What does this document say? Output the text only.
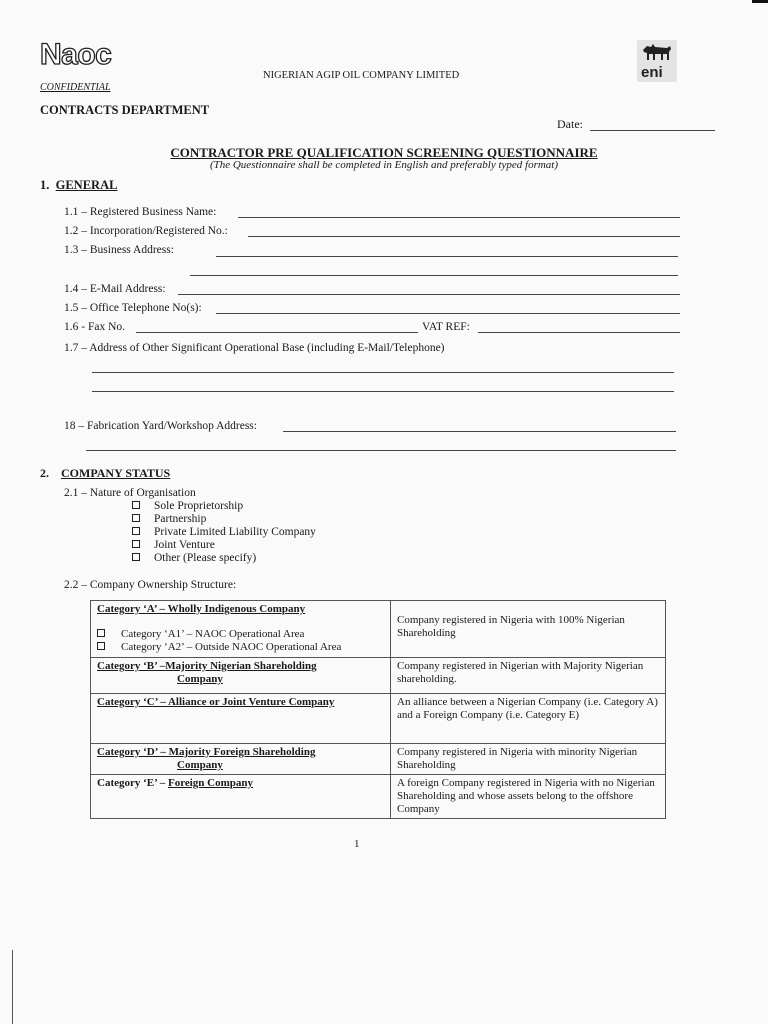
Naoc
CONFIDENTIAL
NIGERIAN AGIP OIL COMPANY LIMITED	eni
CONTRACTS DEPARTMENT
Date:
CONTRACTOR PRE QUALIFICATION SCREENING QUESTIONNAIRE
(The Questionnaire shall be completed in English and preferably typed format)
1. GENERAL
1.1 – Registered Business Name:
1.2 – Incorporation/Registered No.:
1.3 – Business Address:
1.4 – E-Mail Address:
1.5 – Office Telephone No(s):
1.6 - Fax No.	VAT REF:
1.7 – Address of Other Significant Operational Base (including E-Mail/Telephone)
18 – Fabrication Yard/Workshop Address:
2. COMPANY STATUS
2.1 – Nature of Organisation
Sole Proprietorship
Partnership
Private Limited Liability Company
Joint Venture
Other (Please specify)
2.2 – Company Ownership Structure:
Category ‘A’ – Wholly Indigenous Company
Category ‘A1’ – NAOC Operational Area
Category ‘A2’ – Outside NAOC Operational Area	Company registered in Nigeria with 100% Nigerian Shareholding

Category ‘B’ –Majority Nigerian Shareholding
Company	Company registered in Nigerian with Majority Nigerian shareholding.

Category ‘C’ – Alliance or Joint Venture Company	An alliance between a Nigerian Company (i.e. Category A) and a Foreign Company (i.e. Category E)

Category ‘D’ – Majority Foreign Shareholding
Company	Company registered in Nigeria with minority Nigerian Shareholding

Category ‘E’ – Foreign Company	A foreign Company registered in Nigeria with no Nigerian Shareholding and whose assets belong to the offshore Company
1
